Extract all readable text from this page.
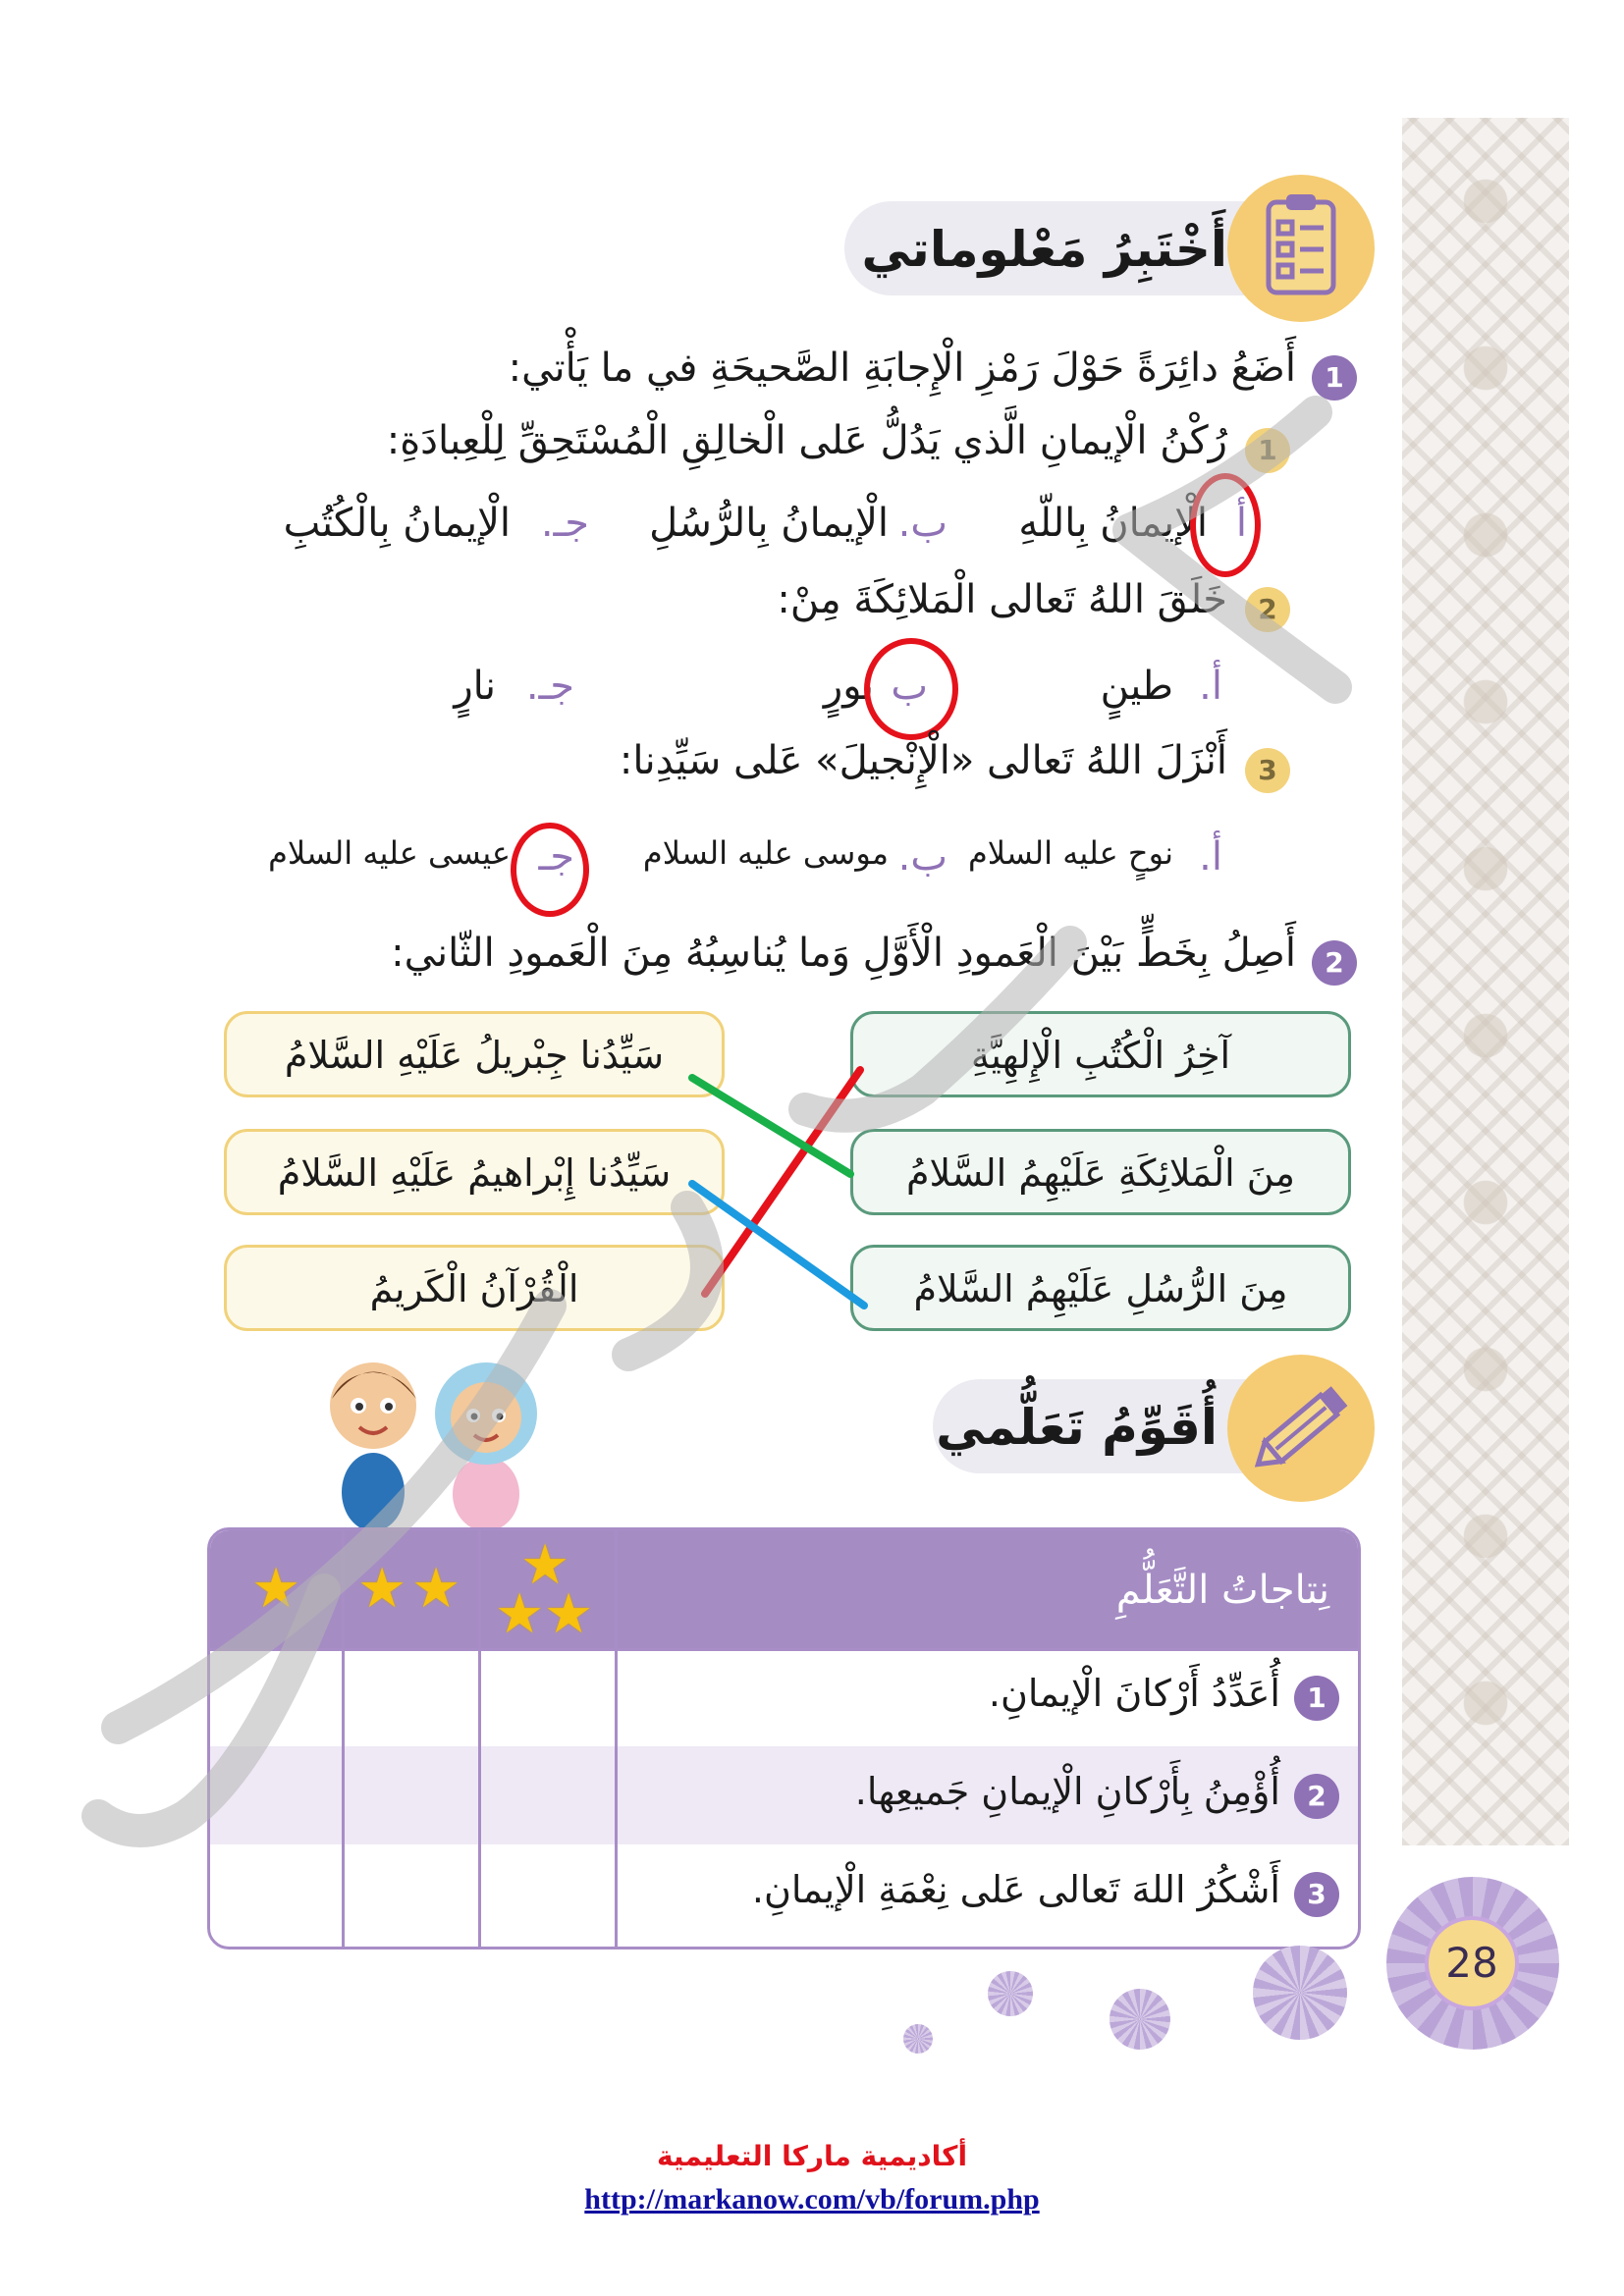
أَخْتَبِرُ مَعْلوماتي
1
أَضَعُ دائِرَةً حَوْلَ رَمْزِ الْإِجابَةِ الصَّحيحَةِ في ما يَأْتي:
1
رُكْنُ الْإيمانِ الَّذي يَدُلُّ عَلى الْخالِقِ الْمُسْتَحِقِّ لِلْعِبادَةِ:
أ
الْإيمانُ بِاللّهِ
ب.
الْإيمانُ بِالرُّسُلِ
جـ.
الْإيمانُ بِالْكُتُبِ
2
خَلَقَ اللهُ تَعالى الْمَلائِكَةَ مِنْ:
أ.
طينٍ
ب
نورٍ
جـ.
نارٍ
3
أَنْزَلَ اللهُ تَعالى «الْإِنْجيلَ» عَلى سَيِّدِنا:
أ.
نوحٍ عليه السلام
ب.
موسى عليه السلام
جـ
عيسى عليه السلام
2
أَصِلُ بِخَطٍّ بَيْنَ الْعَمودِ الْأَوَّلِ وَما يُناسِبُهُ مِنَ الْعَمودِ الثّاني:
آخِرُ الْكُتُبِ الْإِلهِيَّةِ
مِنَ الْمَلائِكَةِ عَلَيْهِمُ السَّلامُ
مِنَ الرُّسُلِ عَلَيْهِمُ السَّلامُ
سَيِّدُنا جِبْريلُ عَلَيْهِ السَّلامُ
سَيِّدُنا إِبْراهيمُ عَلَيْهِ السَّلامُ
الْقُرْآنُ الْكَريمُ
أُقَوِّمُ تَعَلُّمي
نِتاجاتُ التَّعَلُّمِ
★ ★ ★ ★
★ ★
1
أُعَدِّدُ أَرْكانَ الْإيمانِ.
2
أُؤْمِنُ بِأَرْكانِ الْإيمانِ جَميعِها.
3
أَشْكُرُ اللهَ تَعالى عَلى نِعْمَةِ الْإيمانِ.
28
أكاديمية ماركا التعليمية
http://markanow.com/vb/forum.php
